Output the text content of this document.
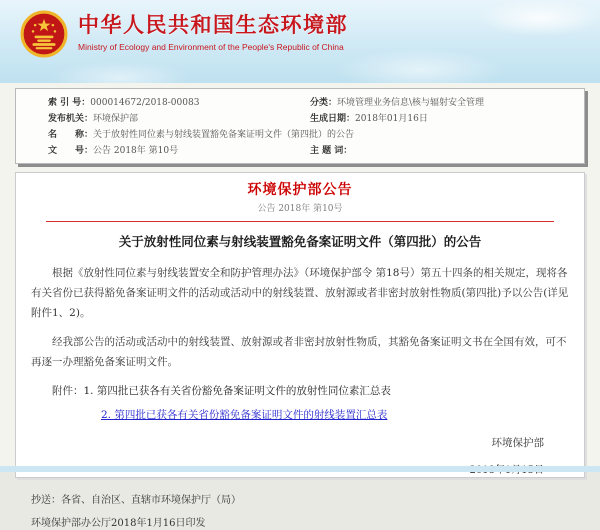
中华人民共和国生态环境部
Ministry of Ecology and Environment of the People's Republic of China
索 引 号：000014672/2018-00083	分类：环境管理业务信息\核与辐射安全管理
发布机关：环境保护部	生成日期：2018年01月16日
名　　称：关于放射性同位素与射线装置豁免备案证明文件（第四批）的公告
文　　号：公告 2018年 第10号	主 题 词：
环境保护部公告
公告 2018年 第10号
关于放射性同位素与射线装置豁免备案证明文件（第四批）的公告

根据《放射性同位素与射线装置安全和防护管理办法》（环境保护部令 第18号）第五十四条的相关规定，现将各有关省份已获得豁免备案证明文件的活动或活动中的射线装置、放射源或者非密封放射性物质(第四批)予以公告(详见附件1、2)。

经我部公告的活动或活动中的射线装置、放射源或者非密封放射性物质，其豁免备案证明文书在全国有效，可不再逐一办理豁免备案证明文件。

附件：1. 第四批已获各有关省份豁免备案证明文件的放射性同位素汇总表
2. 第四批已获各有关省份豁免备案证明文件的射线装置汇总表
环境保护部
抄送：各省、自治区、直辖市环境保护厅（局）
环境保护部办公厅2018年1月16日印发
